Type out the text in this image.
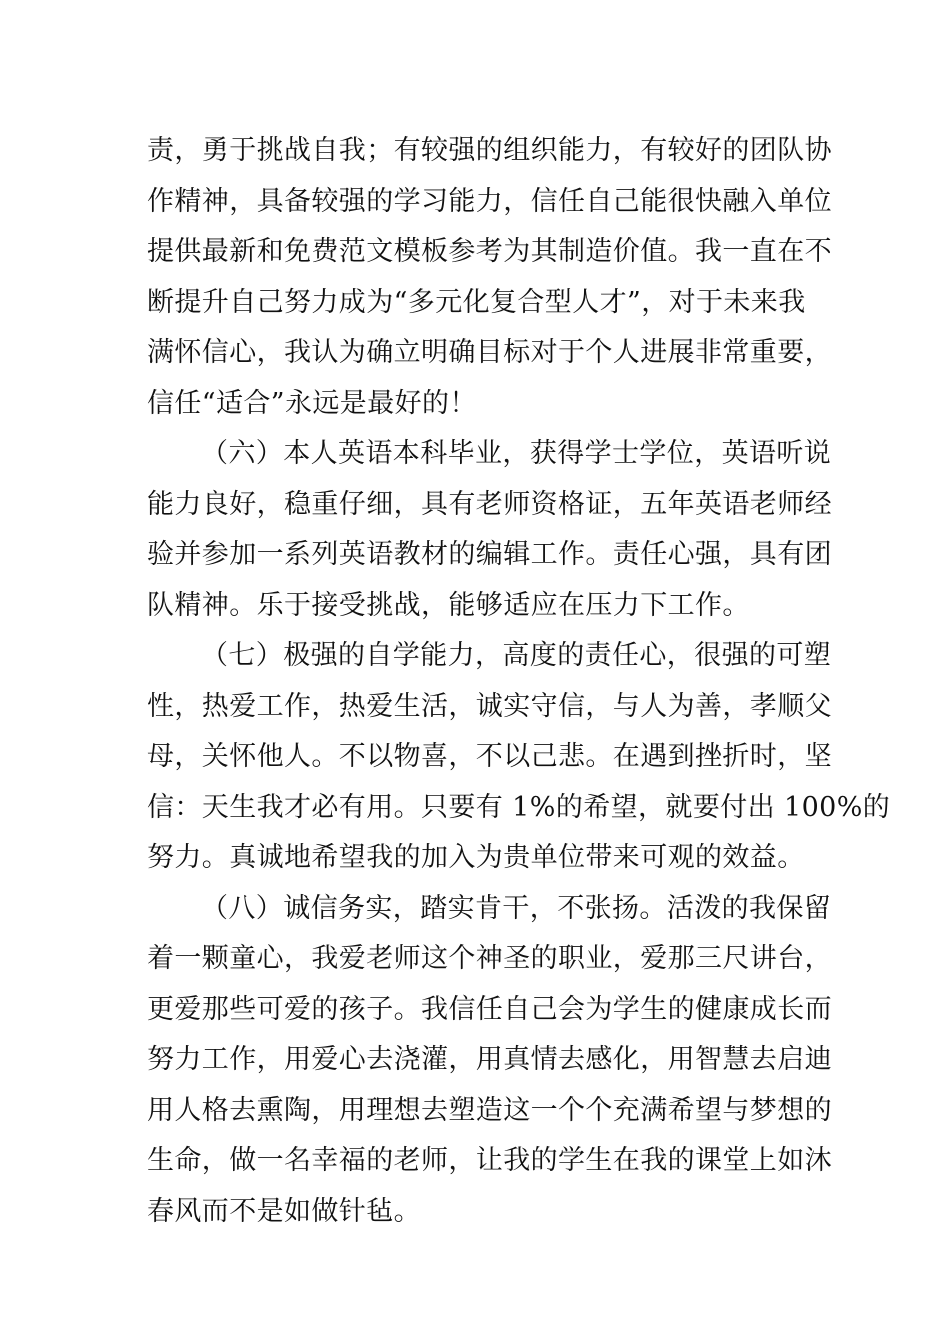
责，勇于挑战自我；有较强的组织能力，有较好的团队协
作精神，具备较强的学习能力，信任自己能很快融入单位
提供最新和免费范文模板参考为其制造价值。我一直在不
断提升自己努力成为“多元化复合型人才”，对于未来我
满怀信心，我认为确立明确目标对于个人进展非常重要，
信任“适合”永远是最好的！
（六）本人英语本科毕业，获得学士学位，英语听说
能力良好，稳重仔细，具有老师资格证，五年英语老师经
验并参加一系列英语教材的编辑工作。责任心强，具有团
队精神。乐于接受挑战，能够适应在压力下工作。
（七）极强的自学能力，高度的责任心，很强的可塑
性，热爱工作，热爱生活，诚实守信，与人为善，孝顺父
母，关怀他人。不以物喜，不以己悲。在遇到挫折时，坚
信：天生我才必有用。只要有 1%的希望，就要付出 100%的
努力。真诚地希望我的加入为贵单位带来可观的效益。
（八）诚信务实，踏实肯干，不张扬。活泼的我保留
着一颗童心，我爱老师这个神圣的职业，爱那三尺讲台，
更爱那些可爱的孩子。我信任自己会为学生的健康成长而
努力工作，用爱心去浇灌，用真情去感化，用智慧去启迪
用人格去熏陶，用理想去塑造这一个个充满希望与梦想的
生命，做一名幸福的老师，让我的学生在我的课堂上如沐
春风而不是如做针毡。
